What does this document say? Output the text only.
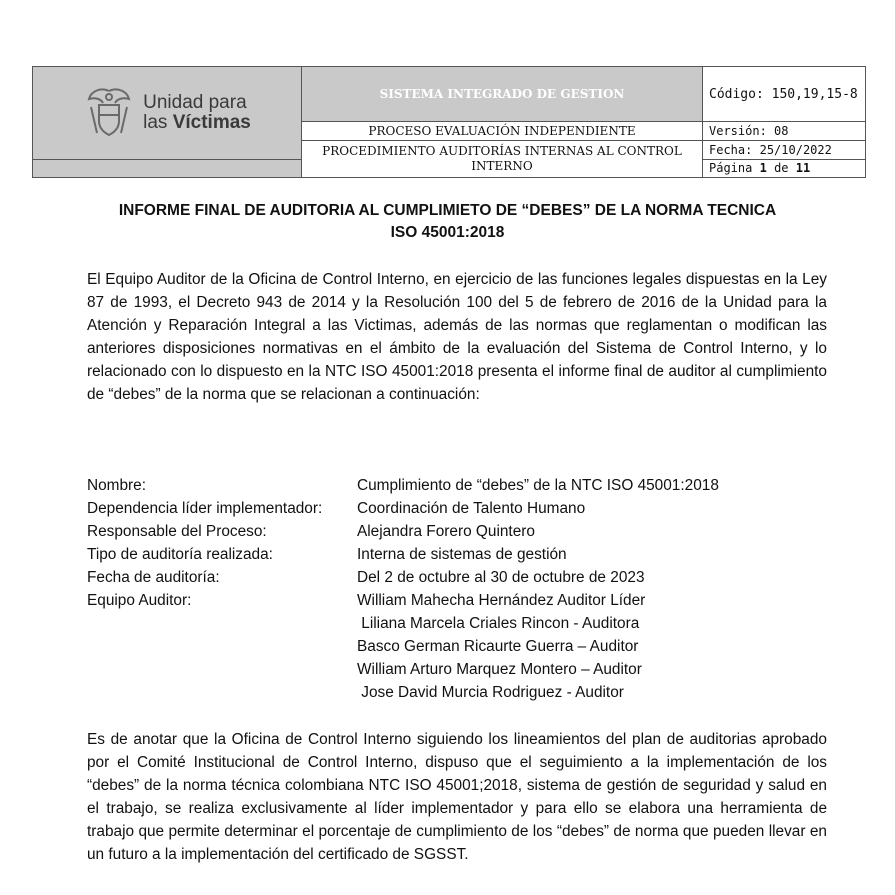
Unidad para
las Víctimas	SISTEMA INTEGRADO DE GESTION	Código: 150,19,15-8
	PROCESO EVALUACIÓN INDEPENDIENTE	Versión: 08
	PROCEDIMIENTO AUDITORÍAS INTERNAS AL CONTROL INTERNO	Fecha: 25/10/2022
		Página 1 de 11
INFORME FINAL DE AUDITORIA AL CUMPLIMIETO DE “DEBES” DE LA NORMA TECNICA
ISO 45001:2018
El Equipo Auditor de la Oficina de Control Interno, en ejercicio de las funciones legales dispuestas en la Ley 87 de 1993, el Decreto 943 de 2014 y la Resolución 100 del 5 de febrero de 2016 de la Unidad para la Atención y Reparación Integral a las Victimas, además de las normas que reglamentan o modifican las anteriores disposiciones normativas en el ámbito de la evaluación del Sistema de Control Interno, y lo relacionado con lo dispuesto en la NTC ISO 45001:2018 presenta el informe final de auditor al cumplimiento de “debes” de la norma que se relacionan a continuación:
Nombre:	Cumplimiento de “debes” de la NTC ISO 45001:2018
Dependencia líder implementador:	Coordinación de Talento Humano
Responsable del Proceso:	Alejandra Forero Quintero
Tipo de auditoría realizada:	Interna de sistemas de gestión
Fecha de auditoría:	Del 2 de octubre al 30 de octubre de 2023
Equipo Auditor:	William Mahecha Hernández Auditor Líder
Liliana Marcela Criales Rincon - Auditora
Basco German Ricaurte Guerra – Auditor
William Arturo Marquez Montero – Auditor
Jose David Murcia Rodriguez - Auditor
Es de anotar que la Oficina de Control Interno siguiendo los lineamientos del plan de auditorias aprobado por el Comité Institucional de Control Interno, dispuso que el seguimiento a la implementación de los “debes” de la norma técnica colombiana NTC ISO 45001;2018, sistema de gestión de seguridad y salud en el trabajo, se realiza exclusivamente al líder implementador y para ello se elabora una herramienta de trabajo que permite determinar el porcentaje de cumplimiento de los “debes” de norma que pueden llevar en un futuro a la implementación del certificado de SGSST.
